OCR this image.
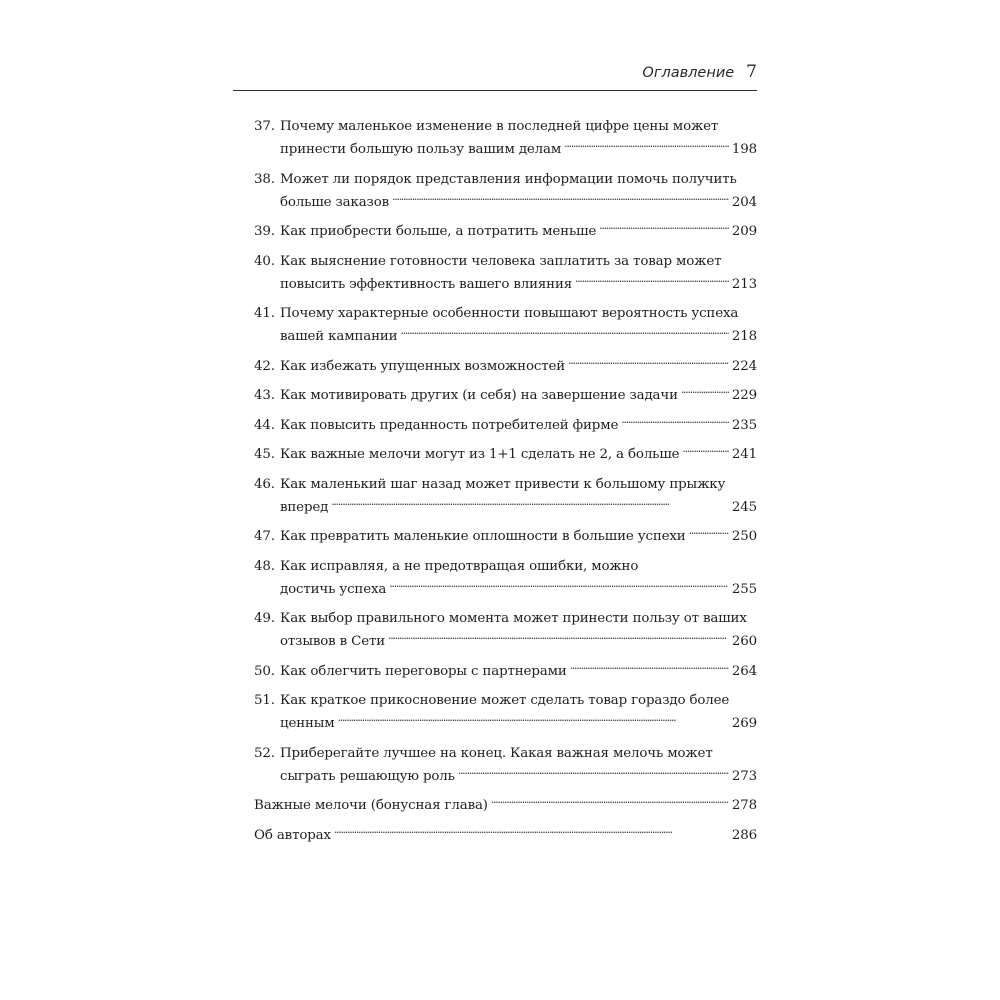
Оглавление 7
37. Почему маленькое изменение в последней цифре цены может
принести большую пользу вашим делам . . .	198
38. Может ли порядок представления информации помочь получить
больше заказов . . .	204
39. Как приобрести больше, а потратить меньше . . .	209
40. Как выяснение готовности человека заплатить за товар может
повысить эффективность вашего влияния . . .	213
41. Почему характерные особенности повышают вероятность успеха
вашей кампании . . .	218
42. Как избежать упущенных возможностей . . .	224
43. Как мотивировать других (и себя) на завершение задачи . . .	229
44. Как повысить преданность потребителей фирме . . .	235
45. Как важные мелочи могут из 1+1 сделать не 2, а больше . . .	241
46. Как маленький шаг назад может привести к большому прыжку
вперед . . .	245
47. Как превратить маленькие оплошности в большие успехи . . .	250
48. Как исправляя, а не предотвращая ошибки, можно
достичь успеха . . .	255
49. Как выбор правильного момента может принести пользу от ваших
отзывов в Сети . . .	260
50. Как облегчить переговоры с партнерами . . .	264
51. Как краткое прикосновение может сделать товар гораздо более
ценным . . .	269
52. Приберегайте лучшее на конец. Какая важная мелочь может
сыграть решающую роль . . .	273
Важные мелочи (бонусная глава) . . .	278
Об авторах . . .	286
